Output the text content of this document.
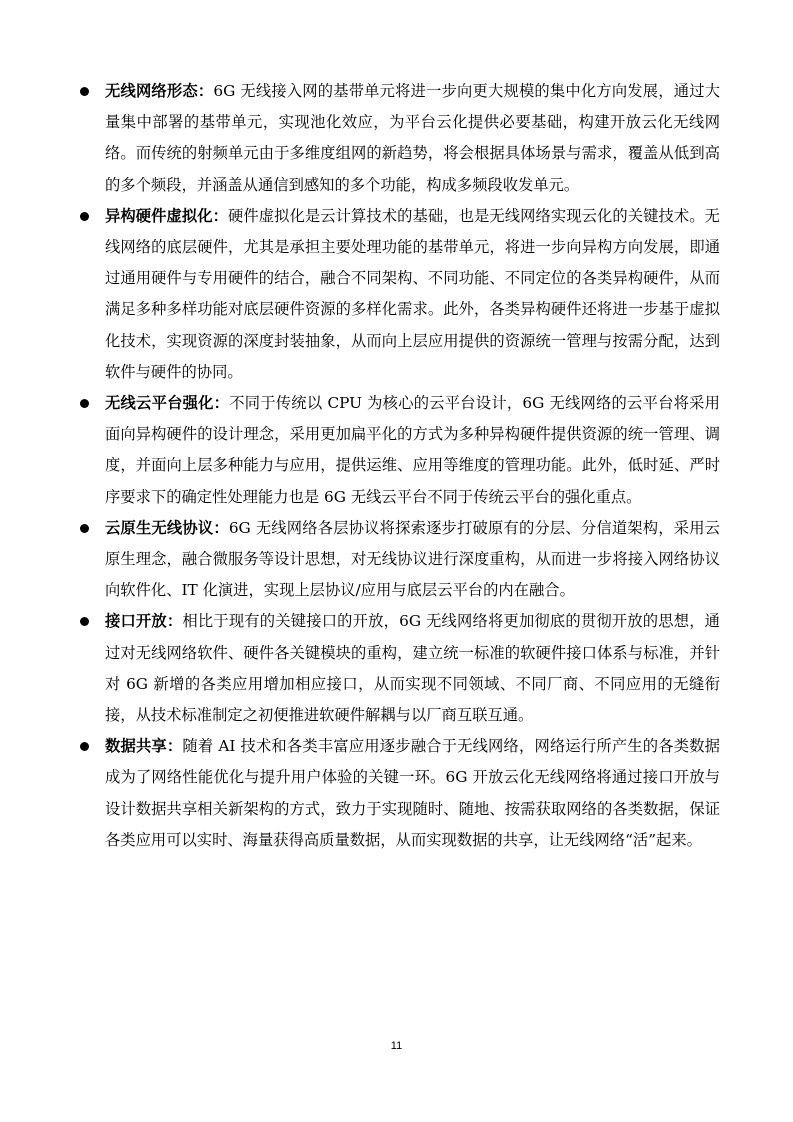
无线网络形态：6G 无线接入网的基带单元将进一步向更大规模的集中化方向发展，通过大量集中部署的基带单元，实现池化效应，为平台云化提供必要基础，构建开放云化无线网络。而传统的射频单元由于多维度组网的新趋势，将会根据具体场景与需求，覆盖从低到高的多个频段，并涵盖从通信到感知的多个功能，构成多频段收发单元。

异构硬件虚拟化：硬件虚拟化是云计算技术的基础，也是无线网络实现云化的关键技术。无线网络的底层硬件，尤其是承担主要处理功能的基带单元，将进一步向异构方向发展，即通过通用硬件与专用硬件的结合，融合不同架构、不同功能、不同定位的各类异构硬件，从而满足多种多样功能对底层硬件资源的多样化需求。此外，各类异构硬件还将进一步基于虚拟化技术，实现资源的深度封装抽象，从而向上层应用提供的资源统一管理与按需分配，达到软件与硬件的协同。

无线云平台强化：不同于传统以 CPU 为核心的云平台设计，6G 无线网络的云平台将采用面向异构硬件的设计理念，采用更加扁平化的方式为多种异构硬件提供资源的统一管理、调度，并面向上层多种能力与应用，提供运维、应用等维度的管理功能。此外，低时延、严时序要求下的确定性处理能力也是 6G 无线云平台不同于传统云平台的强化重点。

云原生无线协议：6G 无线网络各层协议将探索逐步打破原有的分层、分信道架构，采用云原生理念，融合微服务等设计思想，对无线协议进行深度重构，从而进一步将接入网络协议向软件化、IT 化演进，实现上层协议/应用与底层云平台的内在融合。

接口开放：相比于现有的关键接口的开放，6G 无线网络将更加彻底的贯彻开放的思想，通过对无线网络软件、硬件各关键模块的重构，建立统一标准的软硬件接口体系与标准，并针对 6G 新增的各类应用增加相应接口，从而实现不同领域、不同厂商、不同应用的无缝衔接，从技术标准制定之初便推进软硬件解耦与以厂商互联互通。

数据共享：随着 AI 技术和各类丰富应用逐步融合于无线网络，网络运行所产生的各类数据成为了网络性能优化与提升用户体验的关键一环。6G 开放云化无线网络将通过接口开放与设计数据共享相关新架构的方式，致力于实现随时、随地、按需获取网络的各类数据，保证各类应用可以实时、海量获得高质量数据，从而实现数据的共享，让无线网络“活”起来。

11
